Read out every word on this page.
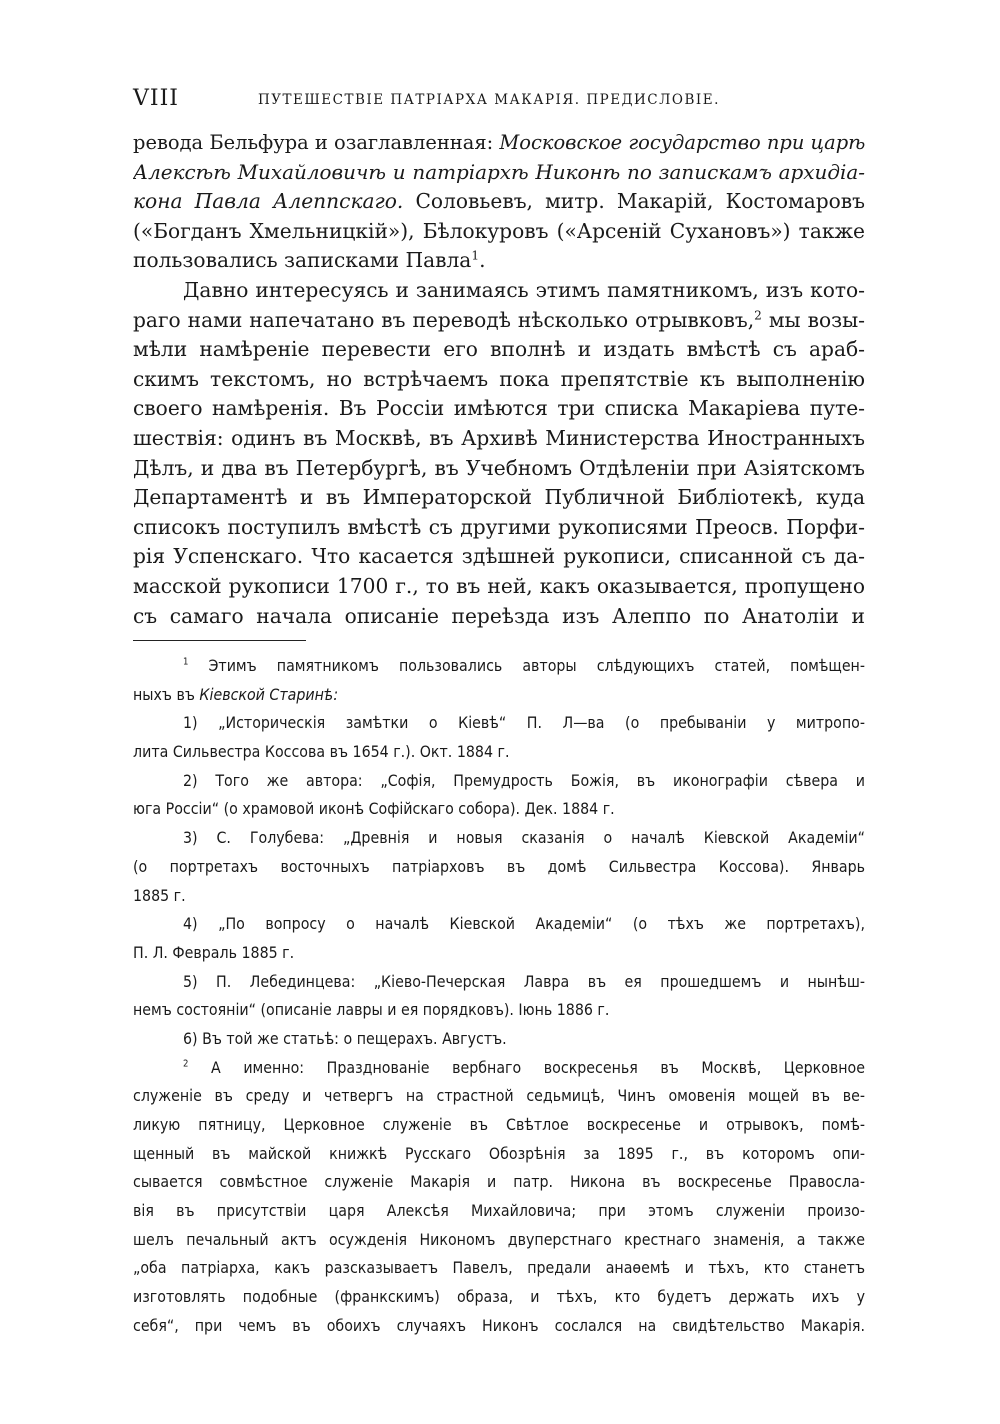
VIII	ПУТЕШЕСТВІЕ ПАТРІАРХА МАКАРІЯ. ПРЕДИСЛОВІЕ.
ревода Бельфура и озаглавленная: Московское государство при царѣ
Алексѣѣ Михайловичѣ и патріархѣ Никонѣ по запискамъ архидіа-
кона Павла Алеппскаго. Соловьевъ, митр. Макарій, Костомаровъ
(«Богданъ Хмельницкій»), Бѣлокуровъ («Арсеній Сухановъ») также
пользовались записками Павла$^1$.
Давно интересуясь и занимаясь этимъ памятникомъ, изъ кото-
раго нами напечатано въ переводѣ нѣсколько отрывковъ,$^2$ мы возы-
мѣли намѣреніе перевести его вполнѣ и издать вмѣстѣ съ араб-
скимъ текстомъ, но встрѣчаемъ пока препятствіе къ выполненію
своего намѣренія. Въ Россіи имѣются три списка Макаріева путе-
шествія: одинъ въ Москвѣ, въ Архивѣ Министерства Иностранныхъ
Дѣлъ, и два въ Петербургѣ, въ Учебномъ Отдѣленіи при Азіятскомъ
Департаментѣ и въ Императорской Публичной Библіотекѣ, куда
списокъ поступилъ вмѣстѣ съ другими рукописями Преосв. Порфи-
рія Успенскаго. Что касается здѣшней рукописи, списанной съ да-
масской рукописи 1700 г., то въ ней, какъ оказывается, пропущено
съ самаго начала описаніе переѣзда изъ Алеппо по Анатоліи и
$^1$ Этимъ памятникомъ пользовались авторы слѣдующихъ статей, помѣщен-
ныхъ въ Кіевской Старинѣ:
1) „Историческія замѣтки о Кіевѣ“ П. Л—ва (о пребываніи у митропо-
лита Сильвестра Коссова въ 1654 г.). Окт. 1884 г.
2) Того же автора: „Софія, Премудрость Божія, въ иконографіи сѣвера и
юга Россіи“ (о храмовой иконѣ Софійскаго собора). Дек. 1884 г.
3) С. Голубева: „Древнія и новыя сказанія о началѣ Кіевской Академіи“
(о портретахъ восточныхъ патріарховъ въ домѣ Сильвестра Коссова). Январь
1885 г.
4) „По вопросу о началѣ Кіевской Академіи“ (о тѣхъ же портретахъ),
П. Л. Февраль 1885 г.
5) П. Лебединцева: „Кіево-Печерская Лавра въ ея прошедшемъ и нынѣш-
немъ состояніи“ (описаніе лавры и ея порядковъ). Іюнь 1886 г.
6) Въ той же статьѣ: о пещерахъ. Августъ.
$^2$ А именно: Празднованіе вербнаго воскресенья въ Москвѣ, Церковное
служеніе въ среду и четвергъ на страстной седьмицѣ, Чинъ омовенія мощей въ ве-
ликую пятницу, Церковное служеніе въ Свѣтлое воскресенье и отрывокъ, помѣ-
щенный въ майской книжкѣ Русскаго Обозрѣнія за 1895 г., въ которомъ опи-
сывается совмѣстное служеніе Макарія и патр. Никона въ воскресенье Правосла-
вія въ присутствіи царя Алексѣя Михайловича; при этомъ служеніи произо-
шелъ печальный актъ осужденія Никономъ двуперстнаго крестнаго знаменія, а также
„оба патріарха, какъ разсказываетъ Павелъ, предали анаѳемѣ и тѣхъ, кто станетъ
изготовлять подобные (франкскимъ) образа, и тѣхъ, кто будетъ держать ихъ у
себя“, при чемъ въ обоихъ случаяхъ Никонъ сослался на свидѣтельство Макарія.
